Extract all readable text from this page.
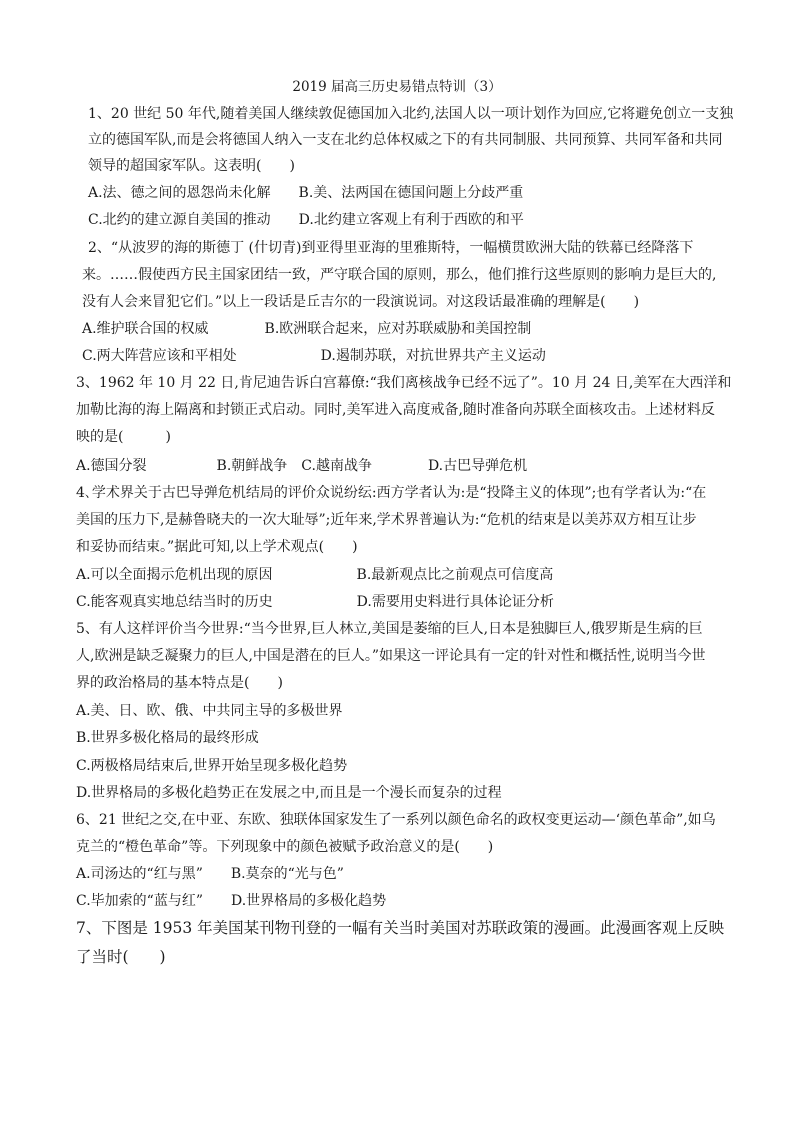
2019 届高三历史易错点特训（3）
1、20 世纪 50 年代,随着美国人继续敦促德国加入北约,法国人以一项计划作为回应,它将避免创立一支独
立的德国军队,而是会将德国人纳入一支在北约总体权威之下的有共同制服、共同预算、共同军备和共同
领导的超国家军队。这表明(　　)
A.法、德之间的恩怨尚未化解　　B.美、法两国在德国问题上分歧严重
C.北约的建立源自美国的推动　　D.北约建立客观上有利于西欧的和平
2、“从波罗的海的斯德丁 (什切青)到亚得里亚海的里雅斯特，一幅横贯欧洲大陆的铁幕已经降落下
来。……假使西方民主国家团结一致，严守联合国的原则，那么，他们推行这些原则的影响力是巨大的,
没有人会来冒犯它们。”以上一段话是丘吉尔的一段演说词。对这段话最准确的理解是(　　)
A.维护联合国的权威　　　　B.欧洲联合起来，应对苏联威胁和美国控制
C.两大阵营应该和平相处　　　　　　D.遏制苏联，对抗世界共产主义运动
3、1962 年 10 月 22 日,肯尼迪告诉白宫幕僚:“我们离核战争已经不远了”。10 月 24 日,美军在大西洋和
加勒比海的海上隔离和封锁正式启动。同时,美军进入高度戒备,随时准备向苏联全面核攻击。上述材料反
映的是(　　　)
A.德国分裂　　　　　B.朝鲜战争　C.越南战争　　　　D.古巴导弹危机
4､学术界关于古巴导弹危机结局的评价众说纷纭:西方学者认为:是“投降主义的体现”;也有学者认为:“在
美国的压力下,是赫鲁晓夫的一次大耻辱”;近年来,学术界普遍认为:“危机的结束是以美苏双方相互让步
和妥协而结束。”据此可知,以上学术观点(　　)
A.可以全面揭示危机出现的原因　　　　　　B.最新观点比之前观点可信度高
C.能客观真实地总结当时的历史　　　　　　D.需要用史料进行具体论证分析
5、有人这样评价当今世界:“当今世界,巨人林立,美国是萎缩的巨人,日本是独脚巨人,俄罗斯是生病的巨
人,欧洲是缺乏凝聚力的巨人,中国是潜在的巨人。”如果这一评论具有一定的针对性和概括性,说明当今世
界的政治格局的基本特点是(　　)
A.美、日、欧、俄、中共同主导的多极世界
B.世界多极化格局的最终形成
C.两极格局结束后,世界开始呈现多极化趋势
D.世界格局的多极化趋势正在发展之中,而且是一个漫长而复杂的过程
6、21 世纪之交,在中亚、东欧、独联体国家发生了一系列以颜色命名的政权变更运动—‘颜色革命”,如乌
克兰的“橙色革命”等。下列现象中的颜色被赋予政治意义的是(　　)
A.司汤达的“红与黑”　　B.莫奈的“光与色”
C.毕加索的“蓝与红”　　D.世界格局的多极化趋势
7、下图是 1953 年美国某刊物刊登的一幅有关当时美国对苏联政策的漫画。此漫画客观上反映
了当时(　　)
